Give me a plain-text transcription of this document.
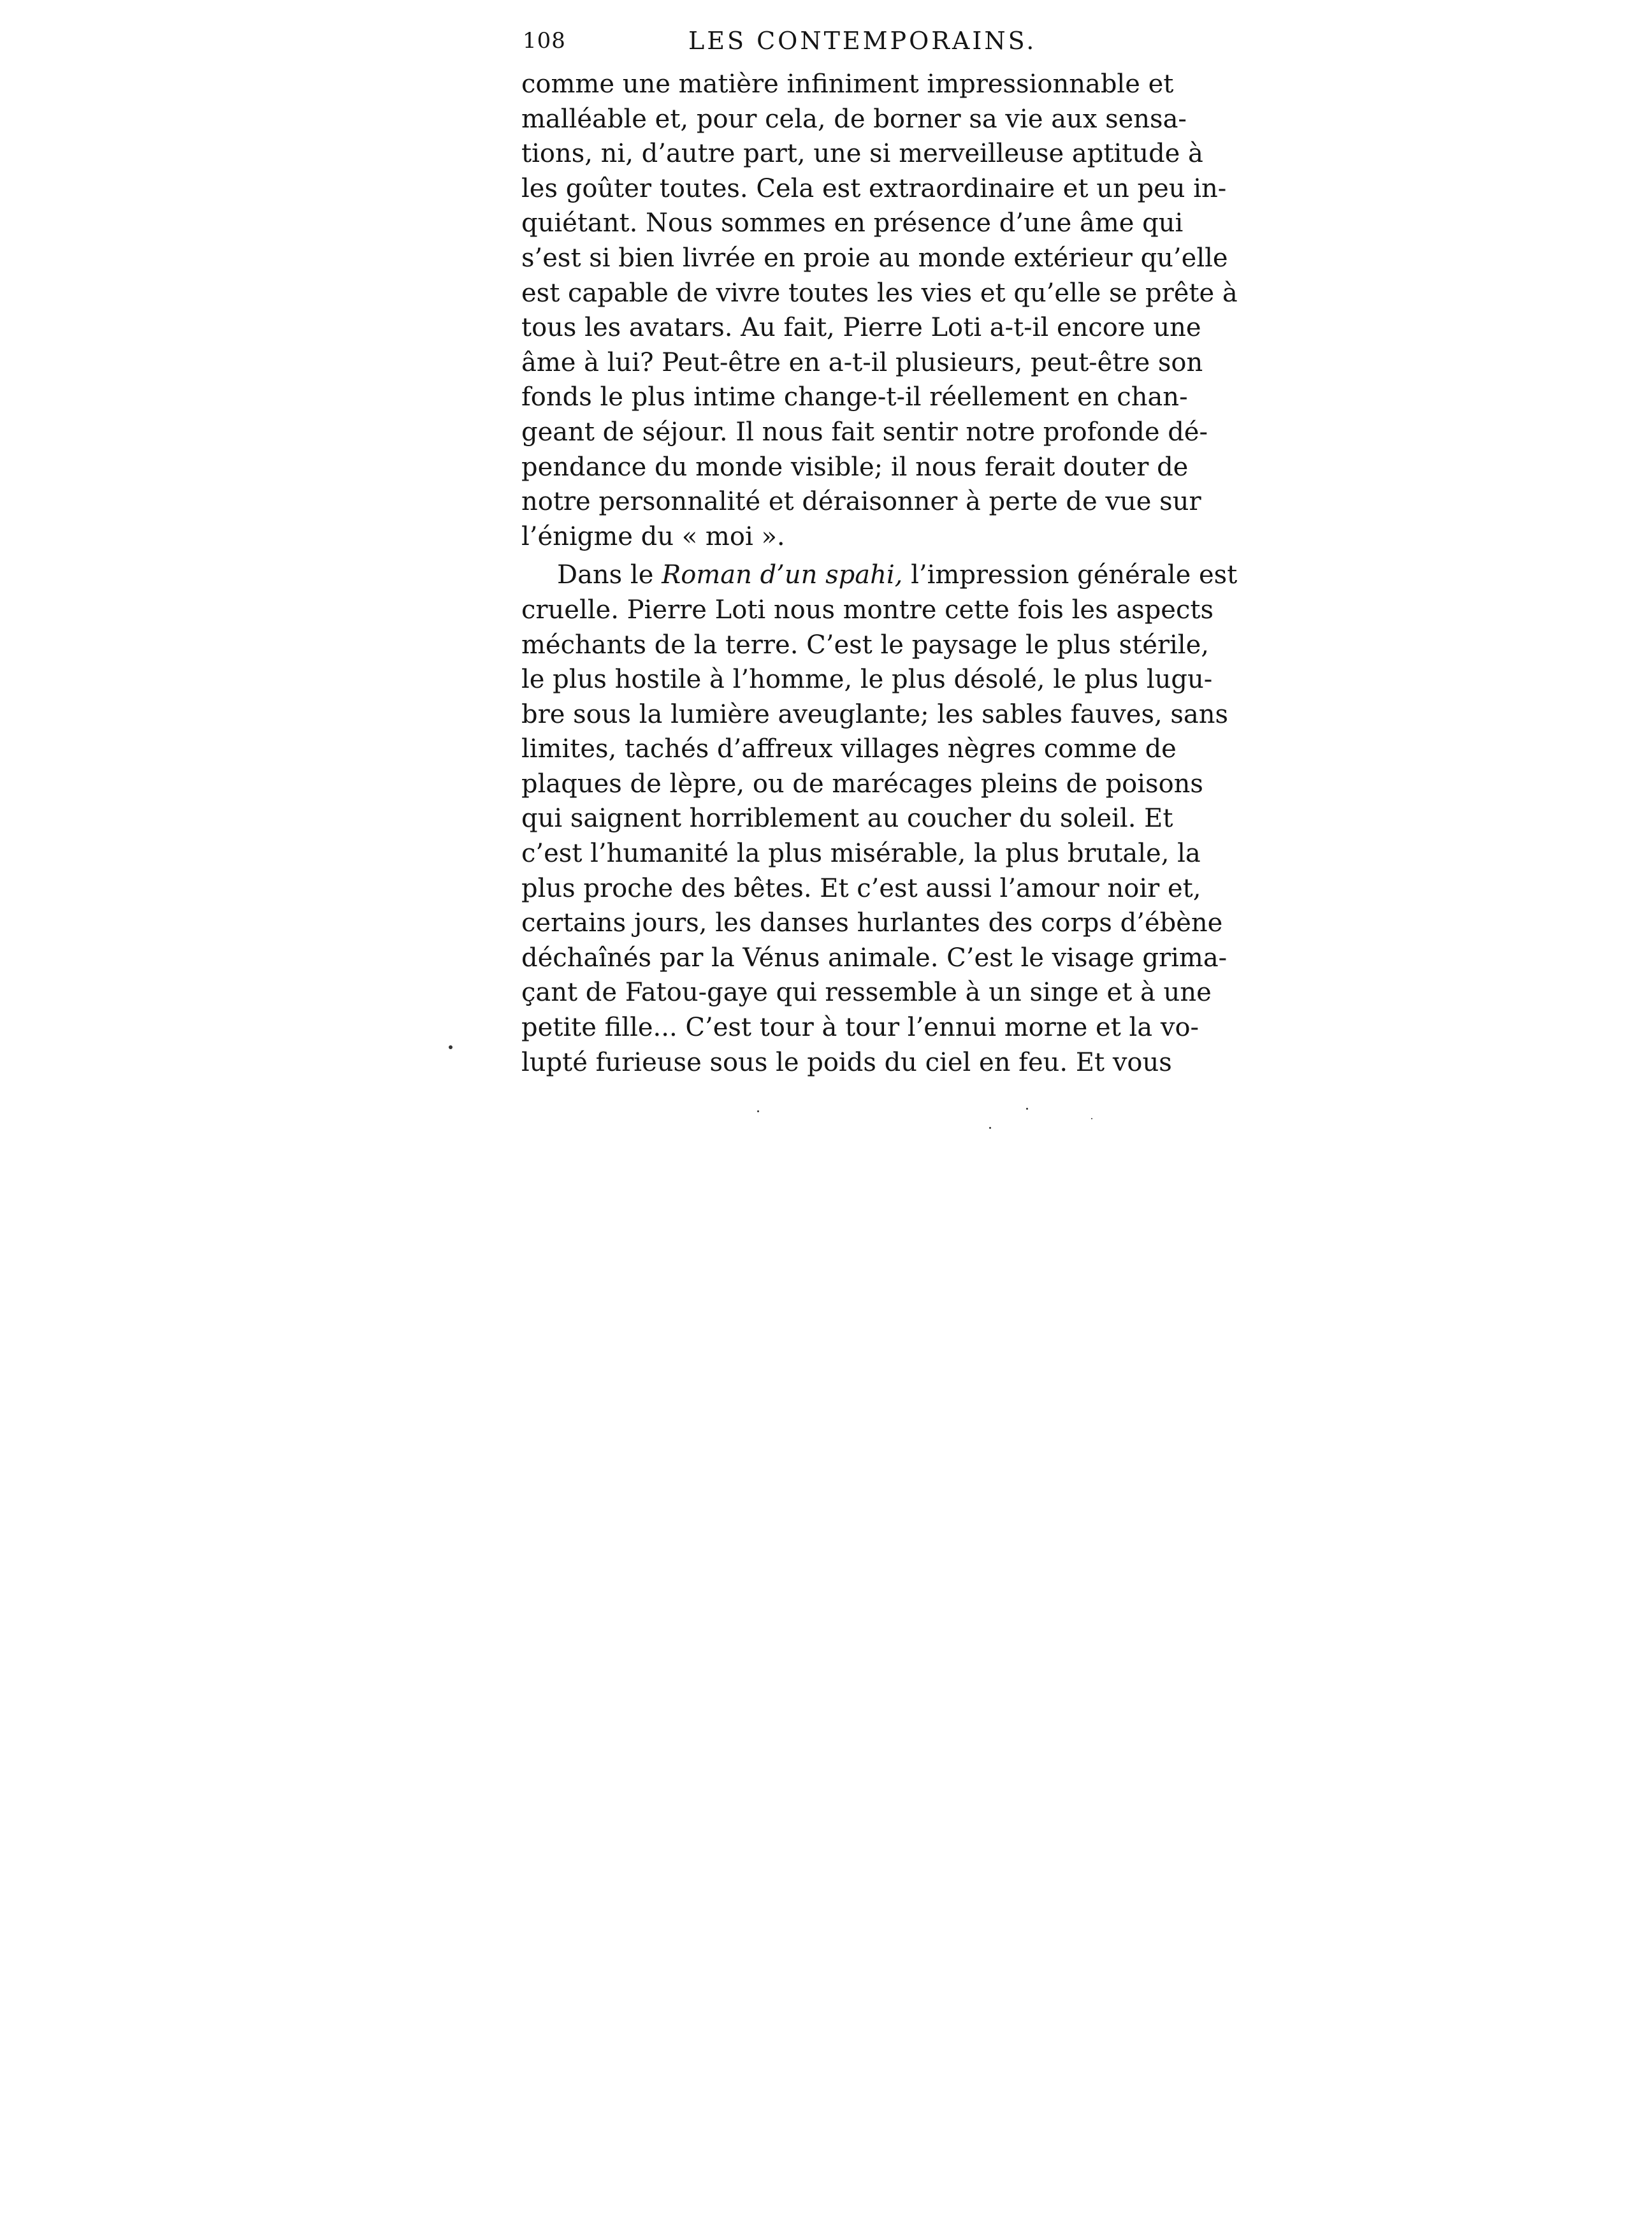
108	LES CONTEMPORAINS.
comme une matière infiniment impressionnable et
malléable et, pour cela, de borner sa vie aux sensa-
tions, ni, d’autre part, une si merveilleuse aptitude à
les goûter toutes. Cela est extraordinaire et un peu in-
quiétant. Nous sommes en présence d’une âme qui
s’est si bien livrée en proie au monde extérieur qu’elle
est capable de vivre toutes les vies et qu’elle se prête à
tous les avatars. Au fait, Pierre Loti a-t-il encore une
âme à lui? Peut-être en a-t-il plusieurs, peut-être son
fonds le plus intime change-t-il réellement en chan-
geant de séjour. Il nous fait sentir notre profonde dé-
pendance du monde visible; il nous ferait douter de
notre personnalité et déraisonner à perte de vue sur
l’énigme du « moi ».
Dans le Roman d’un spahi, l’impression générale est
cruelle. Pierre Loti nous montre cette fois les aspects
méchants de la terre. C’est le paysage le plus stérile,
le plus hostile à l’homme, le plus désolé, le plus lugu-
bre sous la lumière aveuglante; les sables fauves, sans
limites, tachés d’affreux villages nègres comme de
plaques de lèpre, ou de marécages pleins de poisons
qui saignent horriblement au coucher du soleil. Et
c’est l’humanité la plus misérable, la plus brutale, la
plus proche des bêtes. Et c’est aussi l’amour noir et,
certains jours, les danses hurlantes des corps d’ébène
déchaînés par la Vénus animale. C’est le visage grima-
çant de Fatou-gaye qui ressemble à un singe et à une
petite fille... C’est tour à tour l’ennui morne et la vo-
lupté furieuse sous le poids du ciel en feu. Et vous
